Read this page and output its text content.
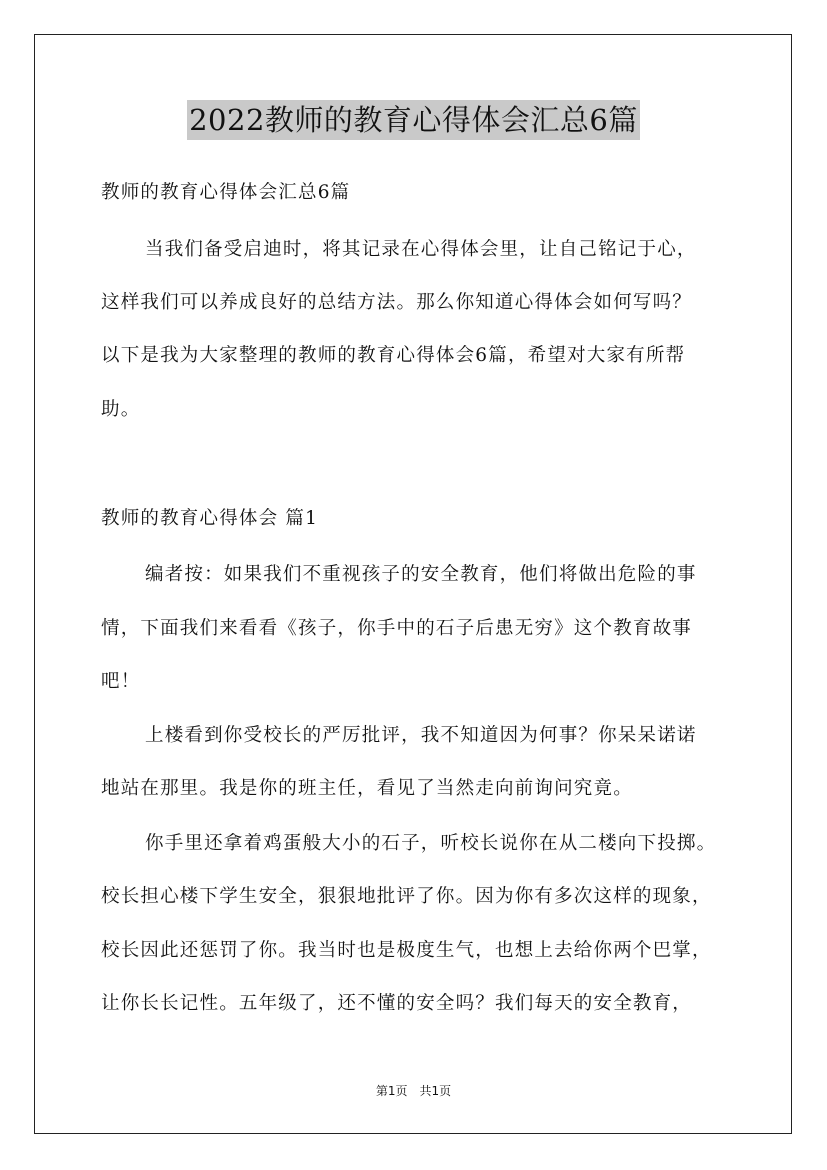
2022教师的教育心得体会汇总6篇
教师的教育心得体会汇总6篇
当我们备受启迪时，将其记录在心得体会里，让自己铭记于心，
这样我们可以养成良好的总结方法。那么你知道心得体会如何写吗？
以下是我为大家整理的教师的教育心得体会6篇，希望对大家有所帮
助。
教师的教育心得体会 篇1
编者按：如果我们不重视孩子的安全教育，他们将做出危险的事
情，下面我们来看看《孩子，你手中的石子后患无穷》这个教育故事
吧！
上楼看到你受校长的严厉批评，我不知道因为何事？你呆呆诺诺
地站在那里。我是你的班主任，看见了当然走向前询问究竟。
你手里还拿着鸡蛋般大小的石子，听校长说你在从二楼向下投掷。
校长担心楼下学生安全，狠狠地批评了你。因为你有多次这样的现象，
校长因此还惩罚了你。我当时也是极度生气，也想上去给你两个巴掌，
让你长长记性。五年级了，还不懂的安全吗？我们每天的安全教育，
第1页　共1页
